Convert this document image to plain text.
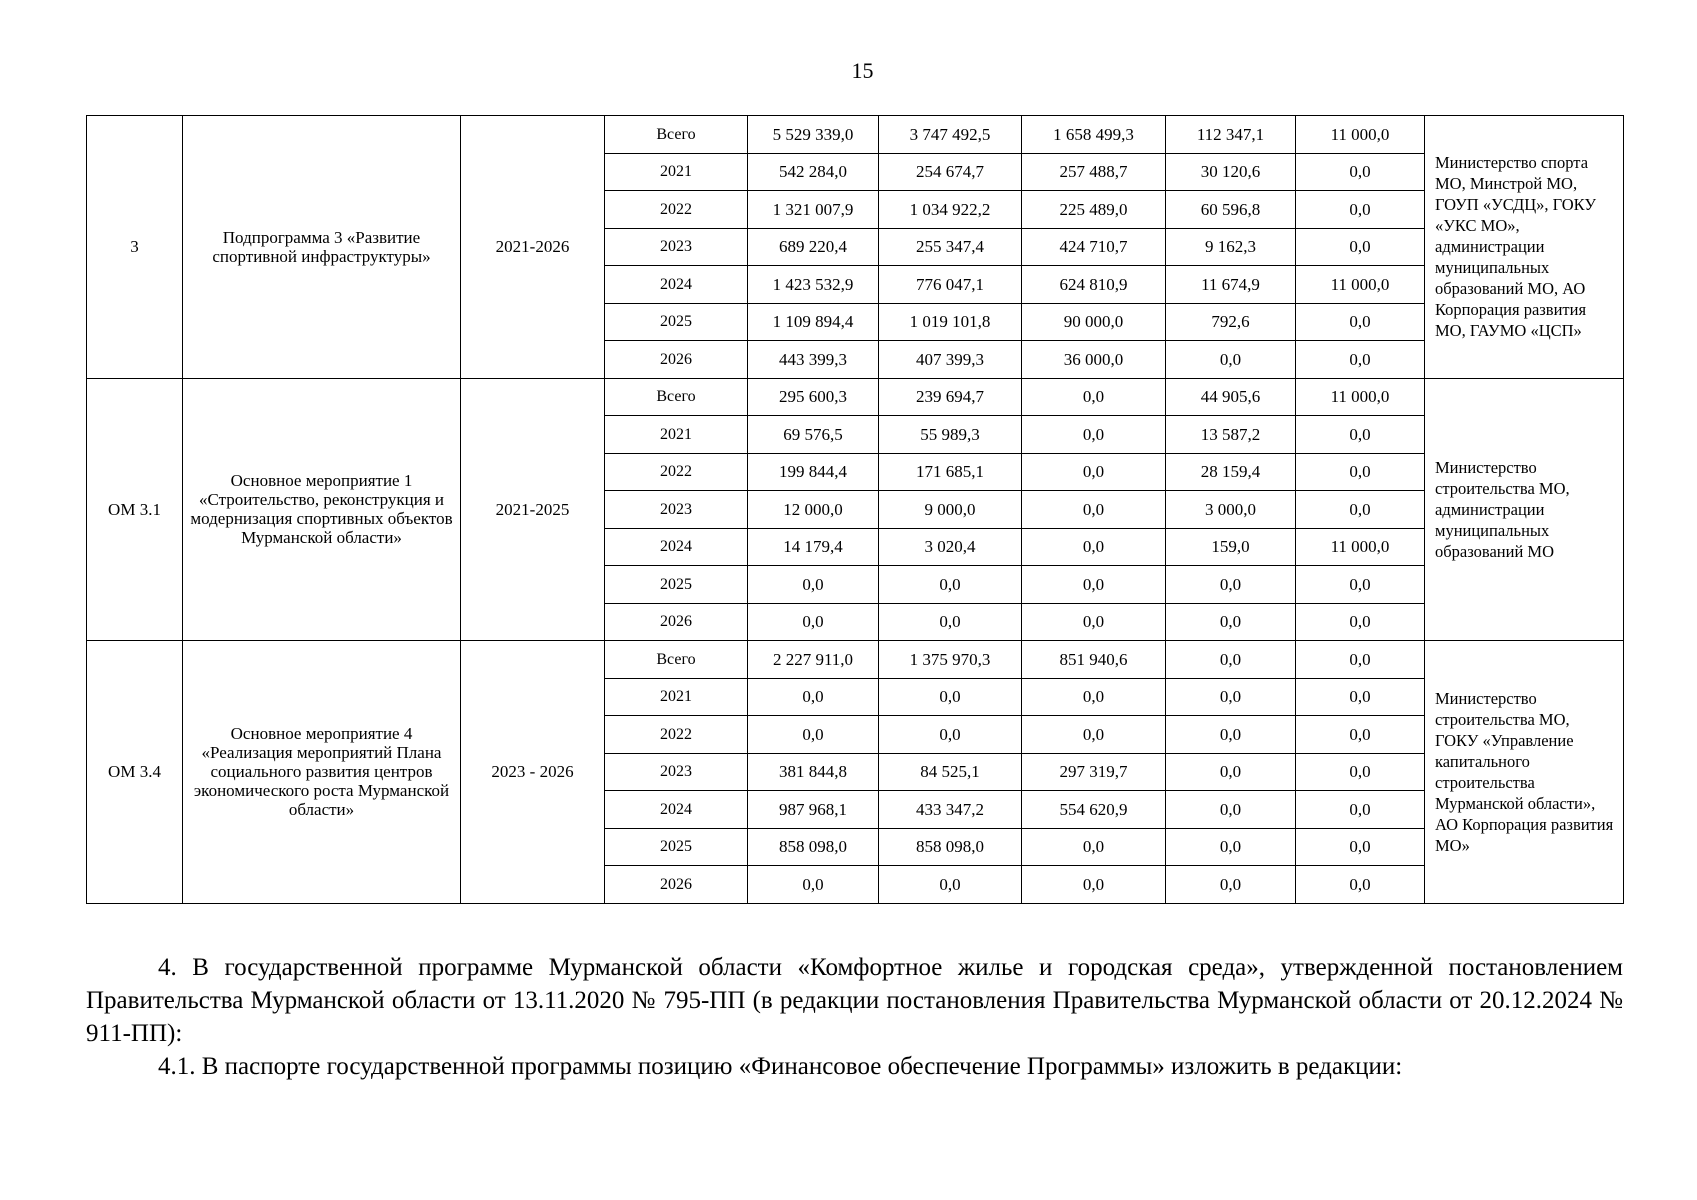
15
3	Подпрограмма 3 «Развитие спортивной инфраструктуры»	2021-2026	Всего	5 529 339,0	3 747 492,5	1 658 499,3	112 347,1	11 000,0	Министерство спорта МО, Минстрой МО, ГОУП «УСДЦ», ГОКУ «УКС МО», администрации муниципальных образований МО, АО Корпорация развития МО, ГАУМО «ЦСП»
			2021	542 284,0	254 674,7	257 488,7	30 120,6	0,0	
			2022	1 321 007,9	1 034 922,2	225 489,0	60 596,8	0,0	
			2023	689 220,4	255 347,4	424 710,7	9 162,3	0,0	
			2024	1 423 532,9	776 047,1	624 810,9	11 674,9	11 000,0	
			2025	1 109 894,4	1 019 101,8	90 000,0	792,6	0,0	
			2026	443 399,3	407 399,3	36 000,0	0,0	0,0	
ОМ 3.1	Основное мероприятие 1 «Строительство, реконструкция и модернизация спортивных объектов Мурманской области»	2021-2025	Всего	295 600,3	239 694,7	0,0	44 905,6	11 000,0	Министерство строительства МО, администрации муниципальных образований МО
			2021	69 576,5	55 989,3	0,0	13 587,2	0,0	
			2022	199 844,4	171 685,1	0,0	28 159,4	0,0	
			2023	12 000,0	9 000,0	0,0	3 000,0	0,0	
			2024	14 179,4	3 020,4	0,0	159,0	11 000,0	
			2025	0,0	0,0	0,0	0,0	0,0	
			2026	0,0	0,0	0,0	0,0	0,0	
ОМ 3.4	Основное мероприятие 4 «Реализация мероприятий Плана социального развития центров экономического роста Мурманской области»	2023 - 2026	Всего	2 227 911,0	1 375 970,3	851 940,6	0,0	0,0	Министерство строительства МО, ГОКУ «Управление капитального строительства Мурманской области», АО Корпорация развития МО»
			2021	0,0	0,0	0,0	0,0	0,0	
			2022	0,0	0,0	0,0	0,0	0,0	
			2023	381 844,8	84 525,1	297 319,7	0,0	0,0	
			2024	987 968,1	433 347,2	554 620,9	0,0	0,0	
			2025	858 098,0	858 098,0	0,0	0,0	0,0	
			2026	0,0	0,0	0,0	0,0	0,0	

4. В государственной программе Мурманской области «Комфортное жилье и городская среда», утвержденной постановлением Правительства Мурманской области от 13.11.2020 № 795-ПП (в редакции постановления Правительства Мурманской области от 20.12.2024 № 911-ПП):

4.1. В паспорте государственной программы позицию «Финансовое обеспечение Программы» изложить в редакции:
